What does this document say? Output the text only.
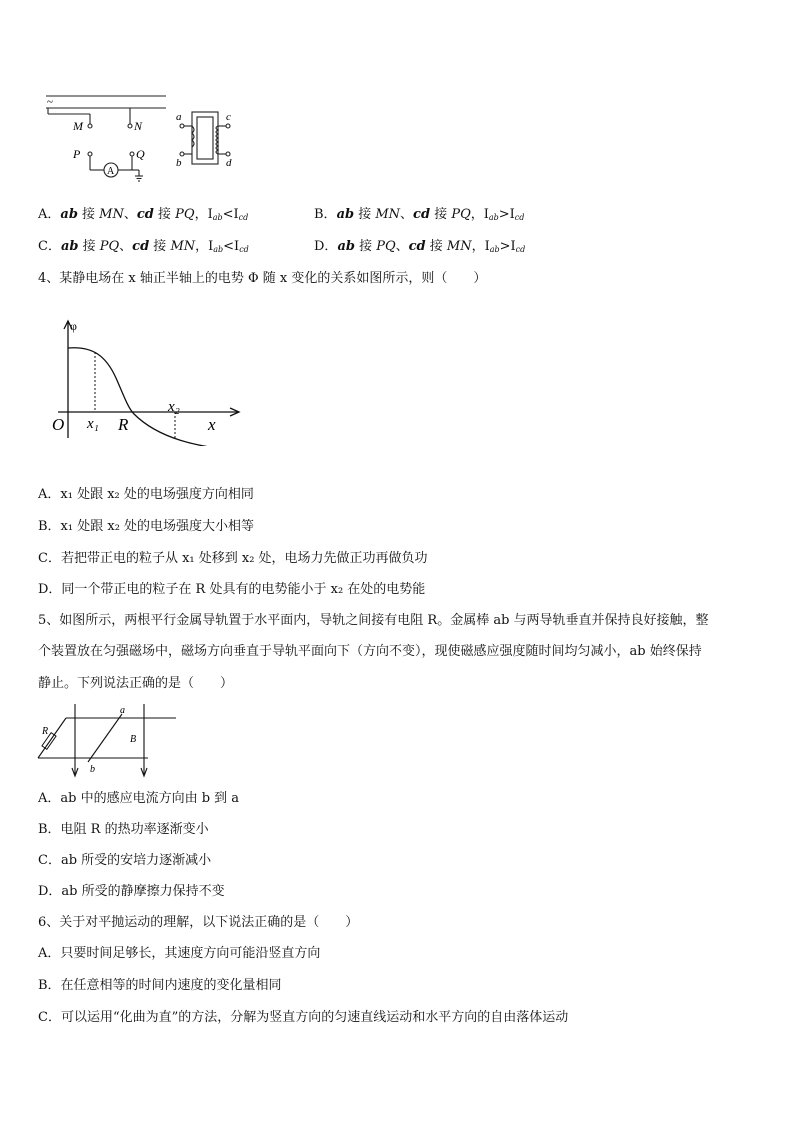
~
M	N
P	Q
A
a
b
c
d
A．ab 接 MN、cd 接 PQ，$I_{ab}<I_{cd}$	B．ab 接 MN、cd 接 PQ，$I_{ab}>I_{cd}$
C．ab 接 PQ、cd 接 MN，$I_{ab}<I_{cd}$	D．ab 接 PQ、cd 接 MN，$I_{ab}>I_{cd}$
4、某静电场在 x 轴正半轴上的电势 Φ 随 x 变化的关系如图所示，则（　　）
φ
O x₁ R
x₂
x
A．x₁ 处跟 x₂ 处的电场强度方向相同
B．x₁ 处跟 x₂ 处的电场强度大小相等
C．若把带正电的粒子从 x₁ 处移到 x₂ 处，电场力先做正功再做负功
D．同一个带正电的粒子在 R 处具有的电势能小于 x₂ 在处的电势能
5、如图所示，两根平行金属导轨置于水平面内，导轨之间接有电阻 R。金属棒 ab 与两导轨垂直并保持良好接触，整
个装置放在匀强磁场中，磁场方向垂直于导轨平面向下（方向不变），现使磁感应强度随时间均匀减小，ab 始终保持
静止。下列说法正确的是（　　）
R
a
b
B
A．ab 中的感应电流方向由 b 到 a
B．电阻 R 的热功率逐渐变小
C．ab 所受的安培力逐渐减小
D．ab 所受的静摩擦力保持不变
6、关于对平抛运动的理解，以下说法正确的是（　　）
A．只要时间足够长，其速度方向可能沿竖直方向
B．在任意相等的时间内速度的变化量相同
C．可以运用“化曲为直”的方法，分解为竖直方向的匀速直线运动和水平方向的自由落体运动
